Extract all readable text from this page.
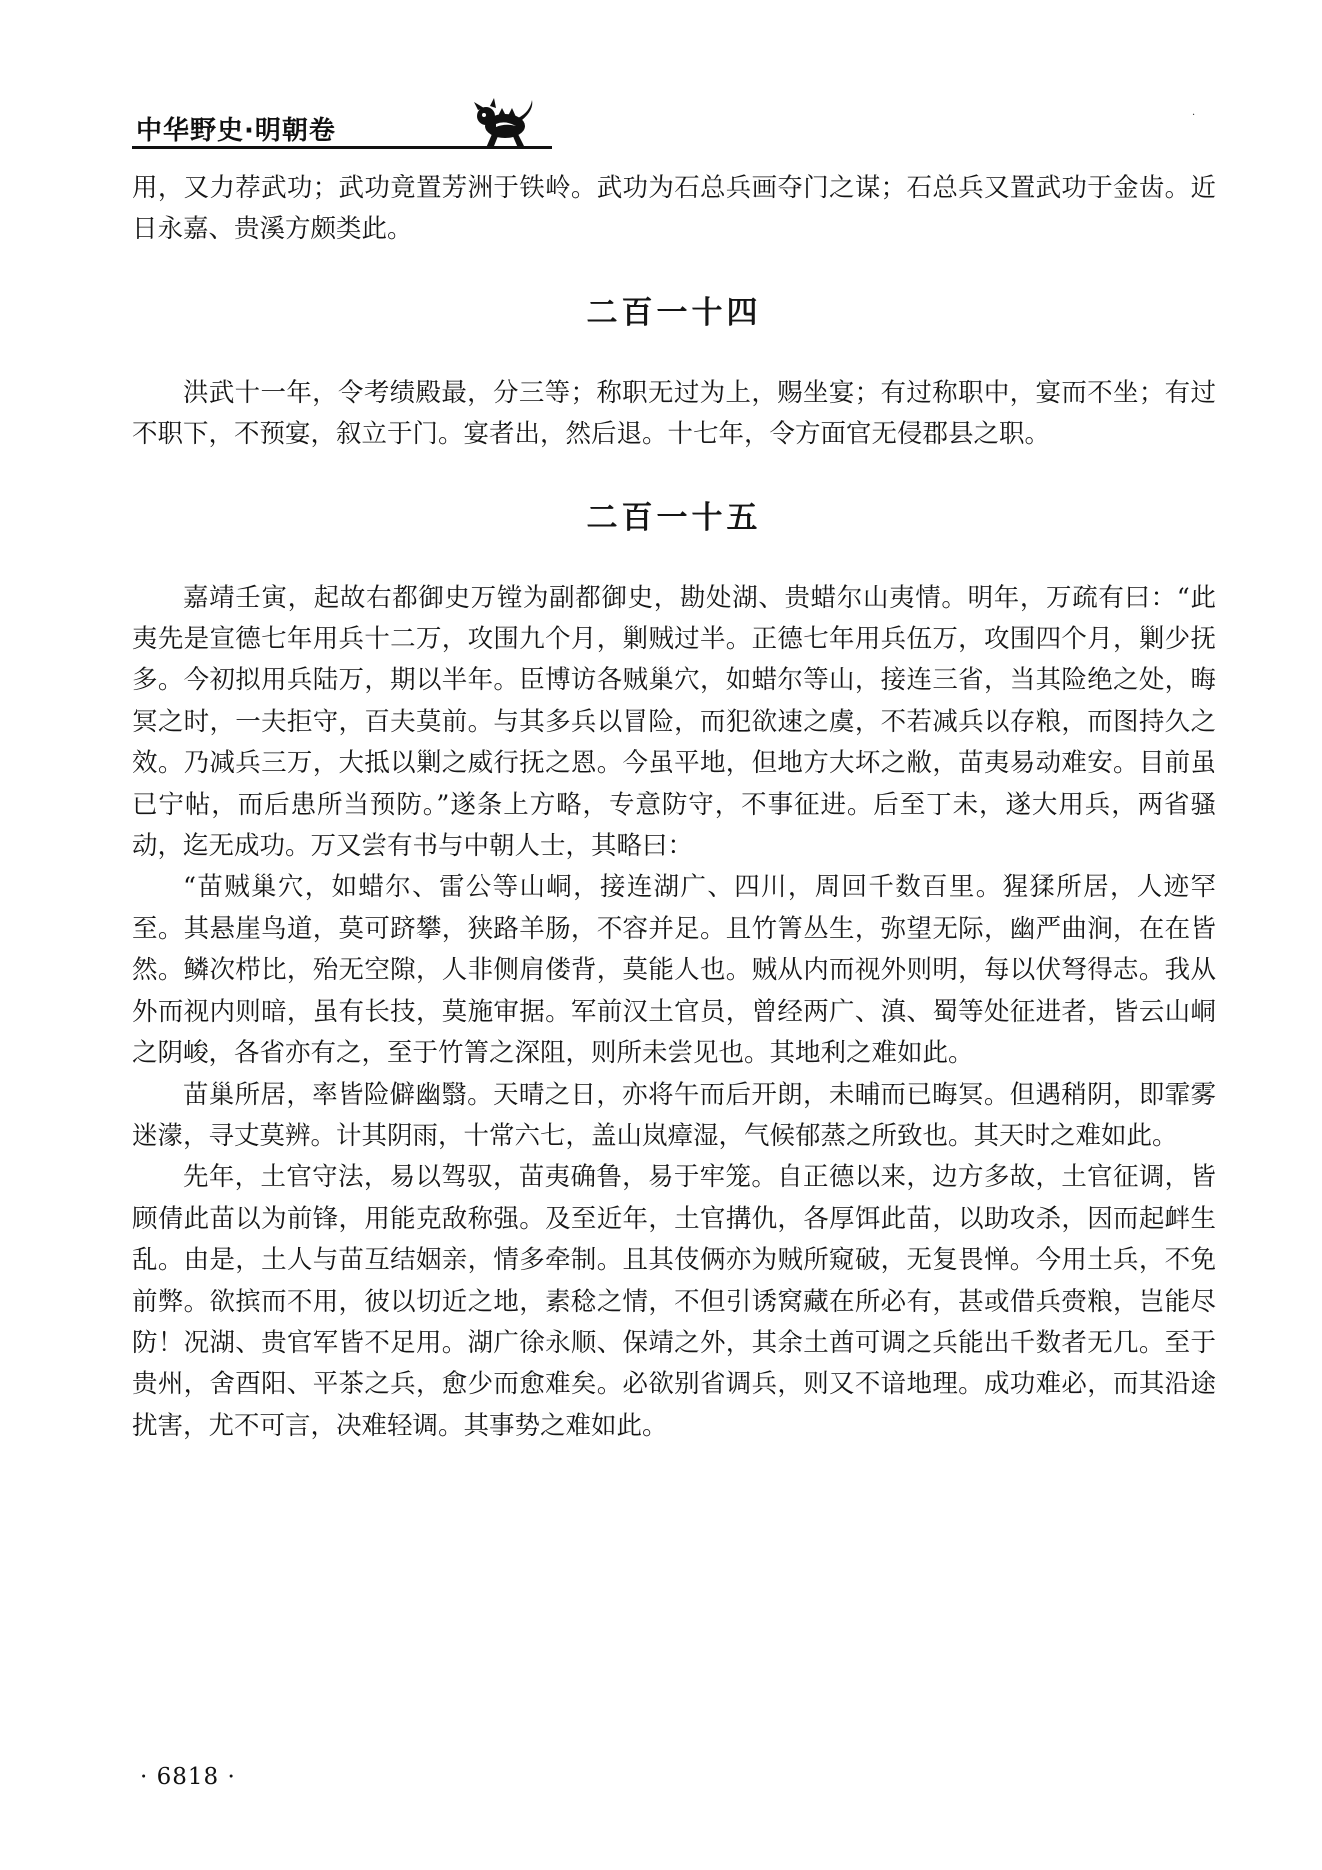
中华野史·明朝卷
·

用，又力荐武功；武功竟置芳洲于铁岭。武功为石总兵画夺门之谋；石总兵又置武功于金齿。近日永嘉、贵溪方颇类此。

二百一十四

洪武十一年，令考绩殿最，分三等；称职无过为上，赐坐宴；有过称职中，宴而不坐；有过不职下，不预宴，叙立于门。宴者出，然后退。十七年，令方面官无侵郡县之职。

二百一十五

嘉靖壬寅，起故右都御史万镗为副都御史，勘处湖、贵蜡尔山夷情。明年，万疏有曰：“此夷先是宣德七年用兵十二万，攻围九个月，剿贼过半。正德七年用兵伍万，攻围四个月，剿少抚多。今初拟用兵陆万，期以半年。臣博访各贼巢穴，如蜡尔等山，接连三省，当其险绝之处，晦冥之时，一夫拒守，百夫莫前。与其多兵以冒险，而犯欲速之虞，不若减兵以存粮，而图持久之效。乃减兵三万，大抵以剿之威行抚之恩。今虽平地，但地方大坏之敝，苗夷易动难安。目前虽已宁帖，而后患所当预防。”遂条上方略，专意防守，不事征进。后至丁未，遂大用兵，两省骚动，迄无成功。万又尝有书与中朝人士，其略曰：

“苗贼巢穴，如蜡尔、雷公等山峒，接连湖广、四川，周回千数百里。猩猱所居，人迹罕至。其悬崖鸟道，莫可跻攀，狭路羊肠，不容并足。且竹箐丛生，弥望无际，幽严曲涧，在在皆然。鳞次栉比，殆无空隙，人非侧肩偻背，莫能人也。贼从内而视外则明，每以伏弩得志。我从外而视内则暗，虽有长技，莫施审据。军前汉土官员，曾经两广、滇、蜀等处征进者，皆云山峒之阴峻，各省亦有之，至于竹箐之深阻，则所未尝见也。其地利之难如此。

苗巢所居，率皆险僻幽翳。天晴之日，亦将午而后开朗，未晡而已晦冥。但遇稍阴，即霏雾迷濛，寻丈莫辨。计其阴雨，十常六七，盖山岚瘴湿，气候郁蒸之所致也。其天时之难如此。

先年，土官守法，易以驾驭，苗夷确鲁，易于牢笼。自正德以来，边方多故，土官征调，皆顾倩此苗以为前锋，用能克敌称强。及至近年，土官搆仇，各厚饵此苗，以助攻杀，因而起衅生乱。由是，土人与苗互结姻亲，情多牵制。且其伎俩亦为贼所窥破，无复畏惮。今用土兵，不免前弊。欲摈而不用，彼以切近之地，素稔之情，不但引诱窝藏在所必有，甚或借兵赍粮，岂能尽防！况湖、贵官军皆不足用。湖广徐永顺、保靖之外，其余土酋可调之兵能出千数者无几。至于贵州，舍酉阳、平茶之兵，愈少而愈难矣。必欲别省调兵，则又不谙地理。成功难必，而其沿途扰害，尤不可言，决难轻调。其事势之难如此。

· 6818 ·
